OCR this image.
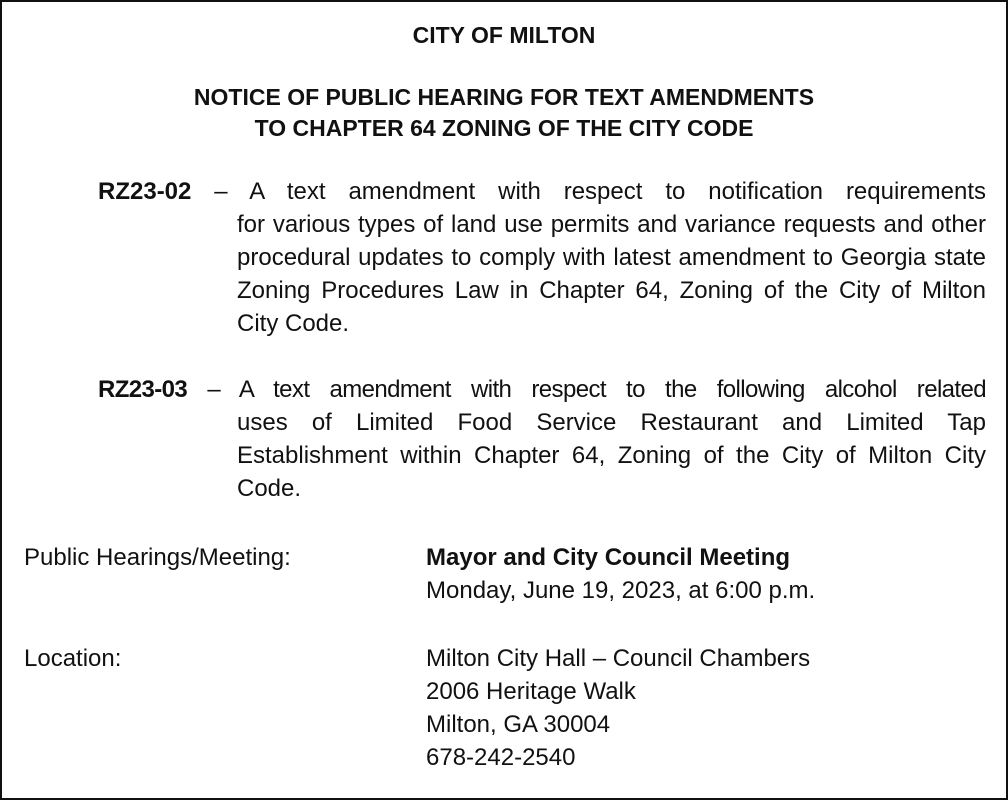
CITY OF MILTON

NOTICE OF PUBLIC HEARING FOR TEXT AMENDMENTS
TO CHAPTER 64 ZONING OF THE CITY CODE

RZ23-02 – A text amendment with respect to notification requirements
for various types of land use permits and variance requests and other procedural updates to comply with latest amendment to Georgia state Zoning Procedures Law in Chapter 64, Zoning of the City of Milton City Code.
RZ23-03 – A text amendment with respect to the following alcohol related
uses of Limited Food Service Restaurant and Limited Tap Establishment within Chapter 64, Zoning of the City of Milton City Code.
Public Hearings/Meeting:	Mayor and City Council Meeting
Monday, June 19, 2023, at 6:00 p.m.
Location:	Milton City Hall – Council Chambers
2006 Heritage Walk
Milton, GA 30004
678-242-2540
